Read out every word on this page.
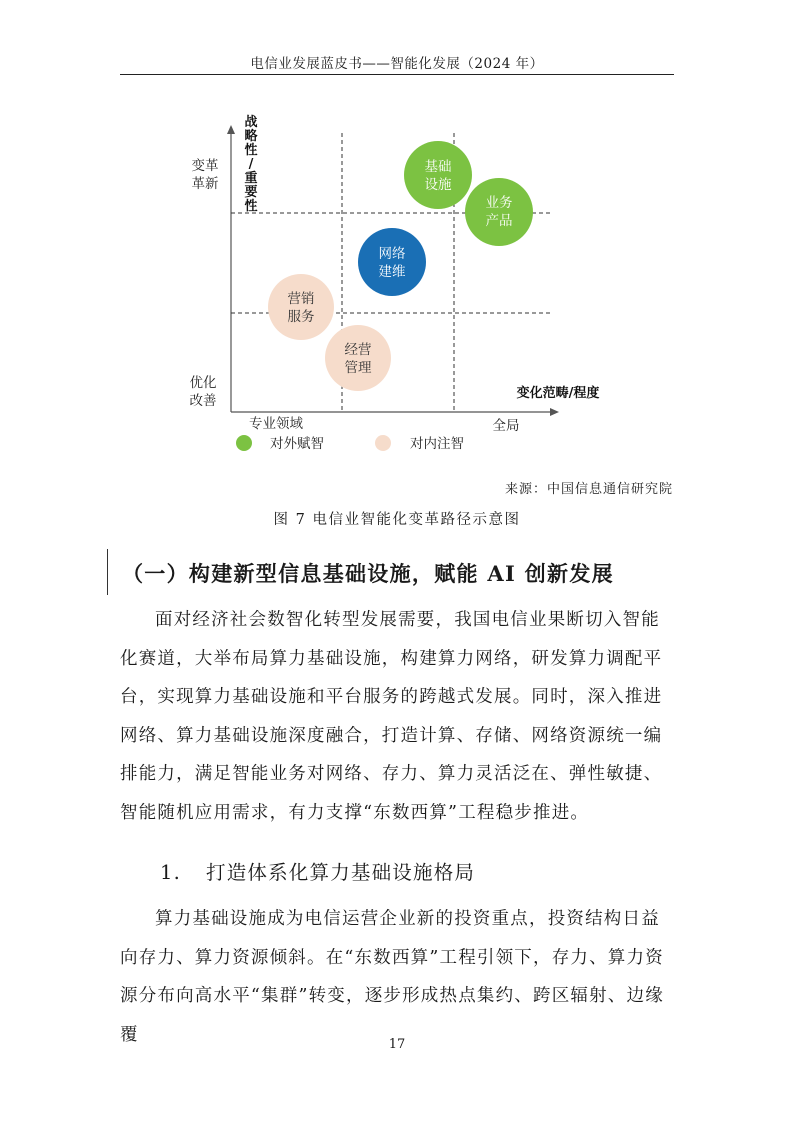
电信业发展蓝皮书——智能化发展（2024 年）
战
略
性
/
重
要
性
变革
革新
优化
改善	变化范畴/程度
专业领域	全局
基础
设施
业务
产品
网络
建维
营销
服务
经营
管理
对外赋智	对内注智
来源：中国信息通信研究院
图 7 电信业智能化变革路径示意图
（一）构建新型信息基础设施，赋能 AI 创新发展

面对经济社会数智化转型发展需要，我国电信业果断切入智能化赛道，大举布局算力基础设施，构建算力网络，研发算力调配平台，实现算力基础设施和平台服务的跨越式发展。同时，深入推进网络、算力基础设施深度融合，打造计算、存储、网络资源统一编排能力，满足智能业务对网络、存力、算力灵活泛在、弹性敏捷、智能随机应用需求，有力支撑“东数西算”工程稳步推进。

1. 打造体系化算力基础设施格局

算力基础设施成为电信运营企业新的投资重点，投资结构日益向存力、算力资源倾斜。在“东数西算”工程引领下，存力、算力资源分布向高水平“集群”转变，逐步形成热点集约、跨区辐射、边缘覆	17
